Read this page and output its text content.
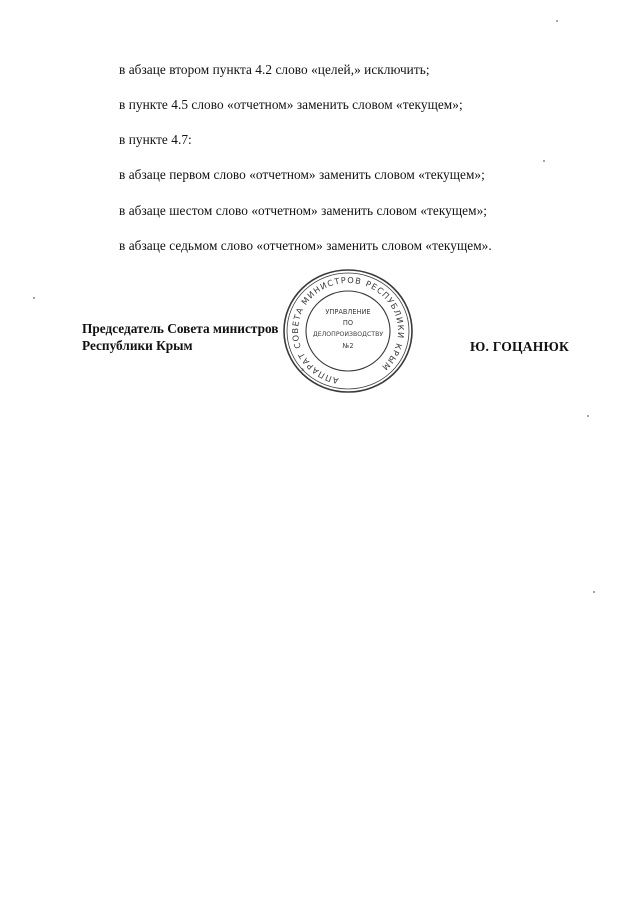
в абзаце втором пункта 4.2 слово «целей,» исключить;
в пункте 4.5 слово «отчетном» заменить словом «текущем»;
в пункте 4.7:
в абзаце первом слово «отчетном» заменить словом «текущем»;
в абзаце шестом слово «отчетном» заменить словом «текущем»;
в абзаце седьмом слово «отчетном» заменить словом «текущем».
АППАРАТ СОВЕТА МИНИСТРОВ РЕСПУБЛИКИ КРЫМ
*
УПРАВЛЕНИЕ
ПО
ДЕЛОПРОИЗВОДСТВУ
№2
Председатель Совета министров
Республики Крым	Ю. ГОЦАНЮК
